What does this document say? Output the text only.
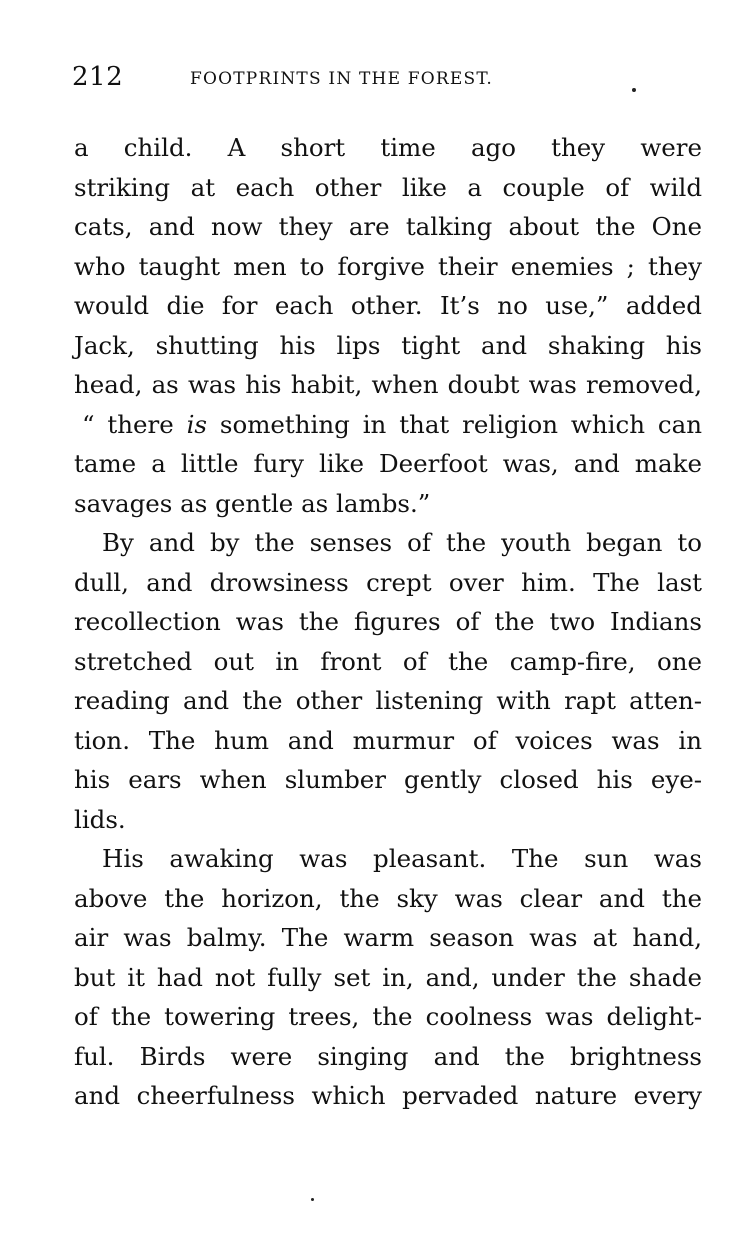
212	FOOTPRINTS IN THE FOREST.
a child. A short time ago they were
striking at each other like a couple of wild
cats, and now they are talking about the One
who taught men to forgive their enemies ; they
would die for each other. It’s no use,” added
Jack, shutting his lips tight and shaking his
head, as was his habit, when doubt was removed,
“ there is something in that religion which can
tame a little fury like Deerfoot was, and make
savages as gentle as lambs.”
By and by the senses of the youth began to
dull, and drowsiness crept over him. The last
recollection was the figures of the two Indians
stretched out in front of the camp-fire, one
reading and the other listening with rapt atten-
tion. The hum and murmur of voices was in
his ears when slumber gently closed his eye-
lids.
His awaking was pleasant. The sun was
above the horizon, the sky was clear and the
air was balmy. The warm season was at hand,
but it had not fully set in, and, under the shade
of the towering trees, the coolness was delight-
ful. Birds were singing and the brightness
and cheerfulness which pervaded nature every
